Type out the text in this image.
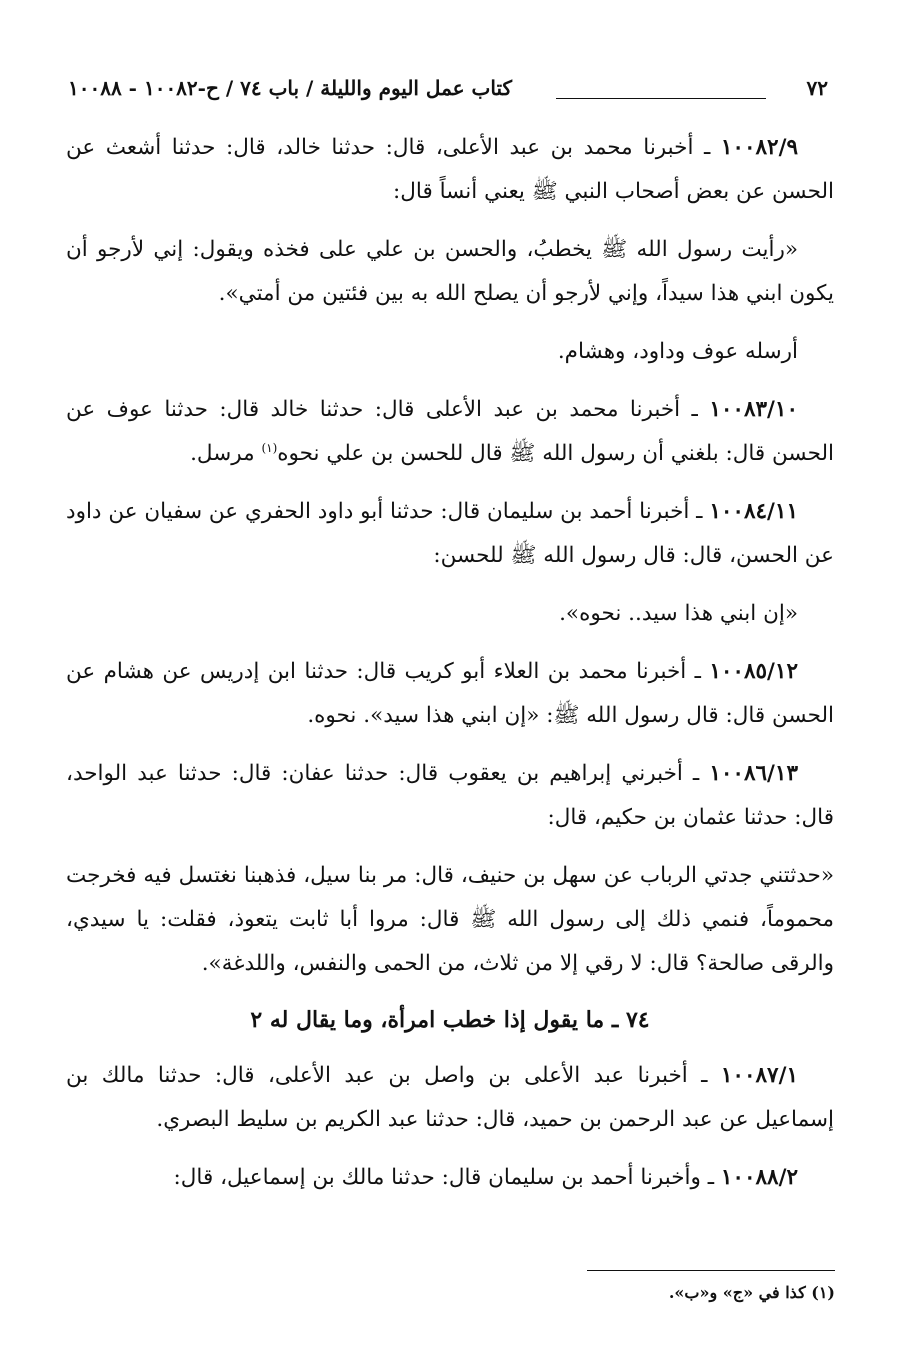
٧٢
كتاب عمل اليوم والليلة / باب ٧٤ / ح-١٠٠٨٢ - ١٠٠٨٨

١٠٠٨٢/٩ ـ أخبرنا محمد بن عبد الأعلى، قال: حدثنا خالد، قال: حدثنا أشعث عن الحسن عن بعض أصحاب النبي ﷺ يعني أنساً قال:

«رأيت رسول الله ﷺ يخطبُ، والحسن بن علي على فخذه ويقول: إني لأرجو أن يكون ابني هذا سيداً، وإني لأرجو أن يصلح الله به بين فئتين من أمتي».

أرسله عوف وداود، وهشام.

١٠٠٨٣/١٠ ـ أخبرنا محمد بن عبد الأعلى قال: حدثنا خالد قال: حدثنا عوف عن الحسن قال: بلغني أن رسول الله ﷺ قال للحسن بن علي نحوه$^{(١)}$ مرسل.

١٠٠٨٤/١١ ـ أخبرنا أحمد بن سليمان قال: حدثنا أبو داود الحفري عن سفيان عن داود عن الحسن، قال: قال رسول الله ﷺ للحسن:

«إن ابني هذا سيد.. نحوه».

١٠٠٨٥/١٢ ـ أخبرنا محمد بن العلاء أبو كريب قال: حدثنا ابن إدريس عن هشام عن الحسن قال: قال رسول الله ﷺ: «إن ابني هذا سيد». نحوه.

١٠٠٨٦/١٣ ـ أخبرني إبراهيم بن يعقوب قال: حدثنا عفان: قال: حدثنا عبد الواحد، قال: حدثنا عثمان بن حكيم، قال:

«حدثتني جدتي الرباب عن سهل بن حنيف، قال: مر بنا سيل، فذهبنا نغتسل فيه فخرجت محموماً، فنمي ذلك إلى رسول الله ﷺ قال: مروا أبا ثابت يتعوذ، فقلت: يا سيدي، والرقى صالحة؟ قال: لا رقي إلا من ثلاث، من الحمى والنفس، واللدغة».

٧٤ ـ ما يقول إذا خطب امرأة، وما يقال له ٢

١٠٠٨٧/١ ـ أخبرنا عبد الأعلى بن واصل بن عبد الأعلى، قال: حدثنا مالك بن إسماعيل عن عبد الرحمن بن حميد، قال: حدثنا عبد الكريم بن سليط البصري.

١٠٠٨٨/٢ ـ وأخبرنا أحمد بن سليمان قال: حدثنا مالك بن إسماعيل، قال:

(١) كذا في «ج» و«ب».
